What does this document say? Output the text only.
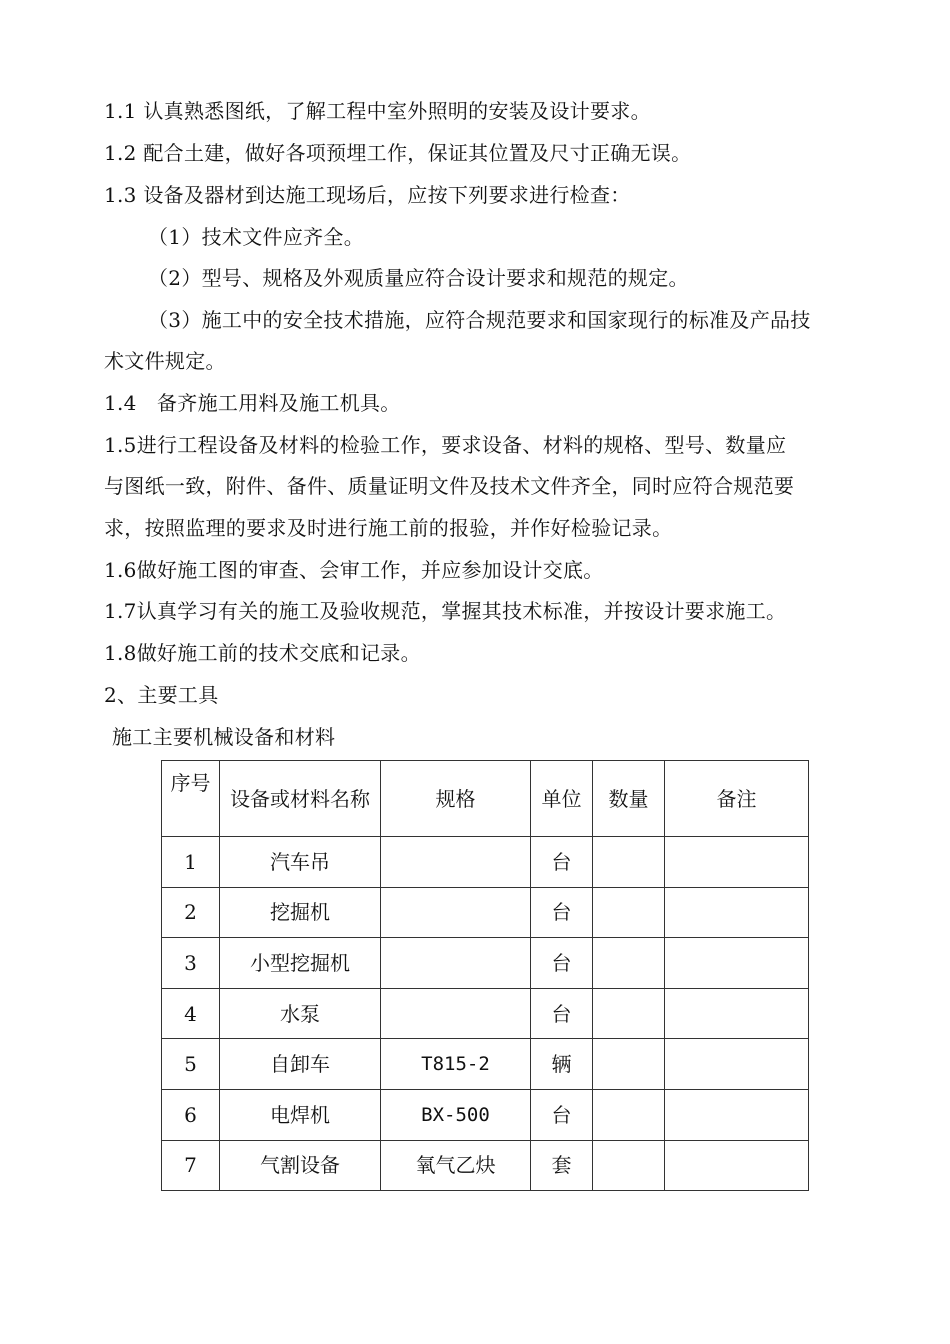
1.1 认真熟悉图纸，了解工程中室外照明的安装及设计要求。
1.2 配合土建，做好各项预埋工作，保证其位置及尺寸正确无误。
1.3 设备及器材到达施工现场后，应按下列要求进行检查：
（1）技术文件应齐全。
（2）型号、规格及外观质量应符合设计要求和规范的规定。
（3）施工中的安全技术措施，应符合规范要求和国家现行的标准及产品技
术文件规定。
1.4　备齐施工用料及施工机具。
1.5进行工程设备及材料的检验工作，要求设备、材料的规格、型号、数量应
与图纸一致，附件、备件、质量证明文件及技术文件齐全，同时应符合规范要
求，按照监理的要求及时进行施工前的报验，并作好检验记录。
1.6做好施工图的审查、会审工作，并应参加设计交底。
1.7认真学习有关的施工及验收规范，掌握其技术标准，并按设计要求施工。
1.8做好施工前的技术交底和记录。
2、主要工具
施工主要机械设备和材料
序号	设备或材料名称	规格	单位	数量	备注
1	汽车吊		台		
2	挖掘机		台		
3	小型挖掘机		台		
4	水泵		台		
5	自卸车	T815-2	辆		
6	电焊机	BX-500	台		
7	气割设备	氧气乙炔	套		
